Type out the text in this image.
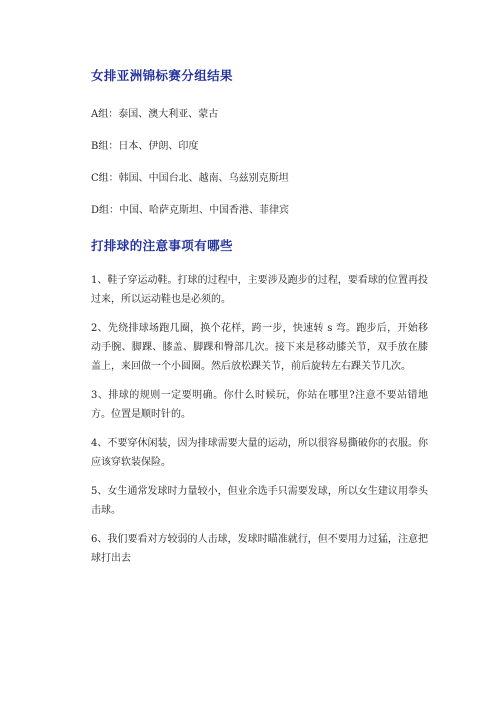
女排亚洲锦标赛分组结果

A组：泰国、澳大利亚、蒙古

B组：日本、伊朗、印度

C组：韩国、中国台北、越南、乌兹别克斯坦

D组：中国、哈萨克斯坦、中国香港、菲律宾

打排球的注意事项有哪些

1、鞋子穿运动鞋。打球的过程中，主要涉及跑步的过程，要看球的位置再投过来，所以运动鞋也是必须的。

2、先绕排球场跑几圈，换个花样，跨一步，快速转 s 弯。跑步后，开始移动手腕、脚踝、膝盖、脚踝和臀部几次。接下来是移动膝关节，双手放在膝盖上，来回做一个小圆圈。然后放松踝关节，前后旋转左右踝关节几次。

3、排球的规则一定要明确。你什么时候玩，你站在哪里?注意不要站错地方。位置是顺时针的。

4、不要穿休闲装，因为排球需要大量的运动，所以很容易撕破你的衣服。你应该穿软装保险。

5、女生通常发球时力量较小，但业余选手只需要发球，所以女生建议用拳头击球。

6、我们要看对方较弱的人击球，发球时瞄准就行，但不要用力过猛，注意把球打出去
